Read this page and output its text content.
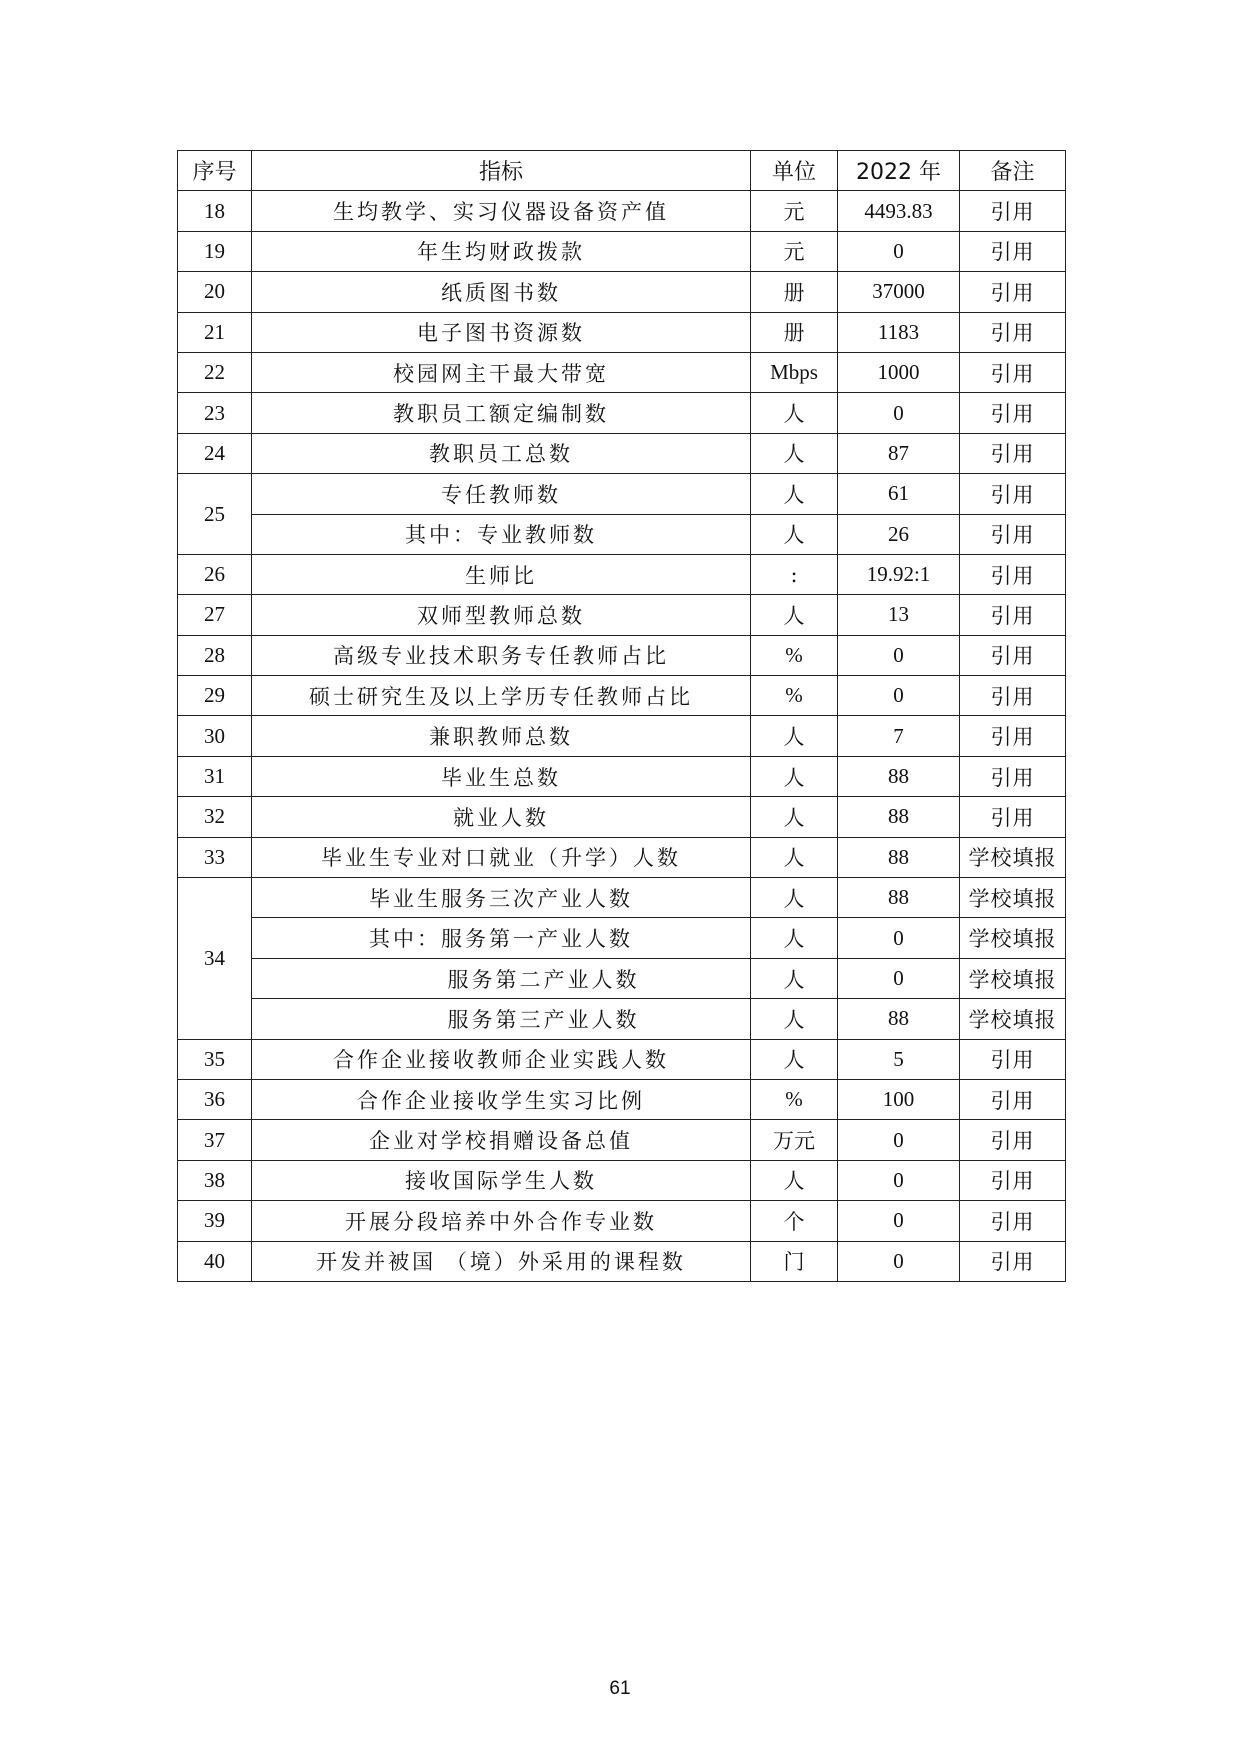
序号	指标	单位	2022 年	备注
18	生均教学、实习仪器设备资产值	元	4493.83	引用
19	年生均财政拨款	元	0	引用
20	纸质图书数	册	37000	引用
21	电子图书资源数	册	1183	引用
22	校园网主干最大带宽	Mbps	1000	引用
23	教职员工额定编制数	人	0	引用
24	教职员工总数	人	87	引用
25	专任教师数	人	61	引用
	其中：专业教师数	人	26	引用
26	生师比	:	19.92:1	引用
27	双师型教师总数	人	13	引用
28	高级专业技术职务专任教师占比	%	0	引用
29	硕士研究生及以上学历专任教师占比	%	0	引用
30	兼职教师总数	人	7	引用
31	毕业生总数	人	88	引用
32	就业人数	人	88	引用
33	毕业生专业对口就业（升学）人数	人	88	学校填报
34	毕业生服务三次产业人数	人	88	学校填报
	其中：服务第一产业人数	人	0	学校填报
	服务第二产业人数	人	0	学校填报
	服务第三产业人数	人	88	学校填报
35	合作企业接收教师企业实践人数	人	5	引用
36	合作企业接收学生实习比例	%	100	引用
37	企业对学校捐赠设备总值	万元	0	引用
38	接收国际学生人数	人	0	引用
39	开展分段培养中外合作专业数	个	0	引用
40	开发并被国 （境）外采用的课程数	门	0	引用
61
